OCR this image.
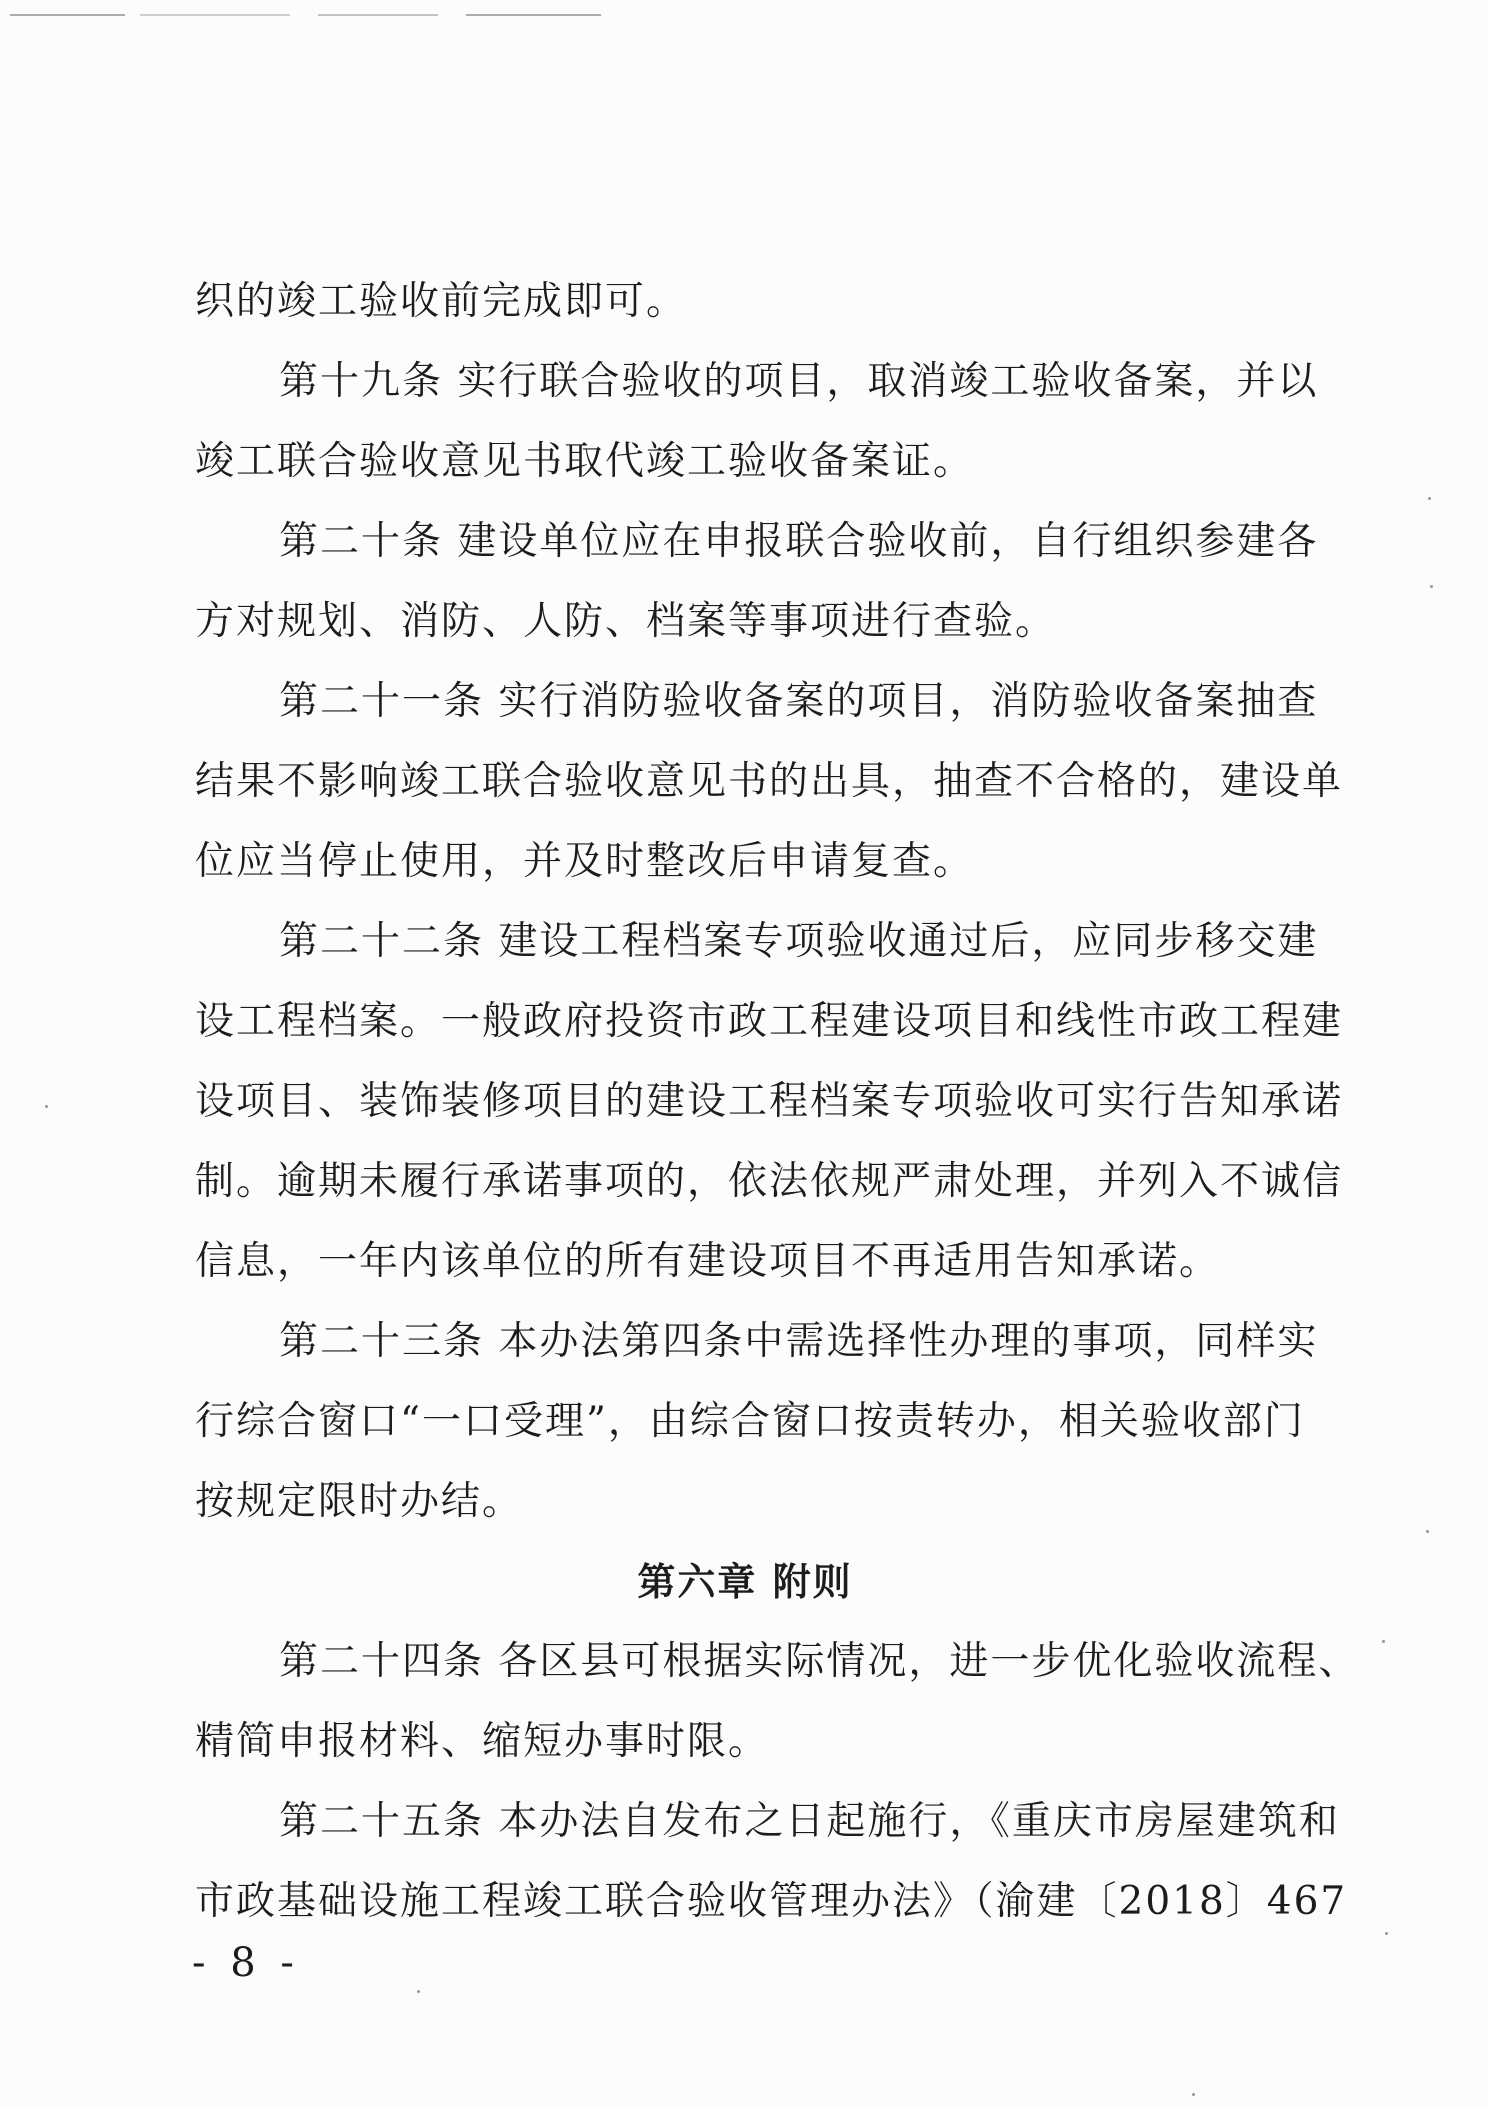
织的竣工验收前完成即可。
第十九条 实行联合验收的项目，取消竣工验收备案，并以
竣工联合验收意见书取代竣工验收备案证。
第二十条 建设单位应在申报联合验收前，自行组织参建各
方对规划、消防、人防、档案等事项进行查验。
第二十一条 实行消防验收备案的项目，消防验收备案抽查
结果不影响竣工联合验收意见书的出具，抽查不合格的，建设单
位应当停止使用，并及时整改后申请复查。
第二十二条 建设工程档案专项验收通过后，应同步移交建
设工程档案。一般政府投资市政工程建设项目和线性市政工程建
设项目、装饰装修项目的建设工程档案专项验收可实行告知承诺
制。逾期未履行承诺事项的，依法依规严肃处理，并列入不诚信
信息，一年内该单位的所有建设项目不再适用告知承诺。
第二十三条 本办法第四条中需选择性办理的事项，同样实
行综合窗口“一口受理”，由综合窗口按责转办，相关验收部门
按规定限时办结。
第六章 附则
第二十四条 各区县可根据实际情况，进一步优化验收流程、
精简申报材料、缩短办事时限。
第二十五条 本办法自发布之日起施行，《重庆市房屋建筑和
市政基础设施工程竣工联合验收管理办法》（渝建〔2018〕467
- 8 -
